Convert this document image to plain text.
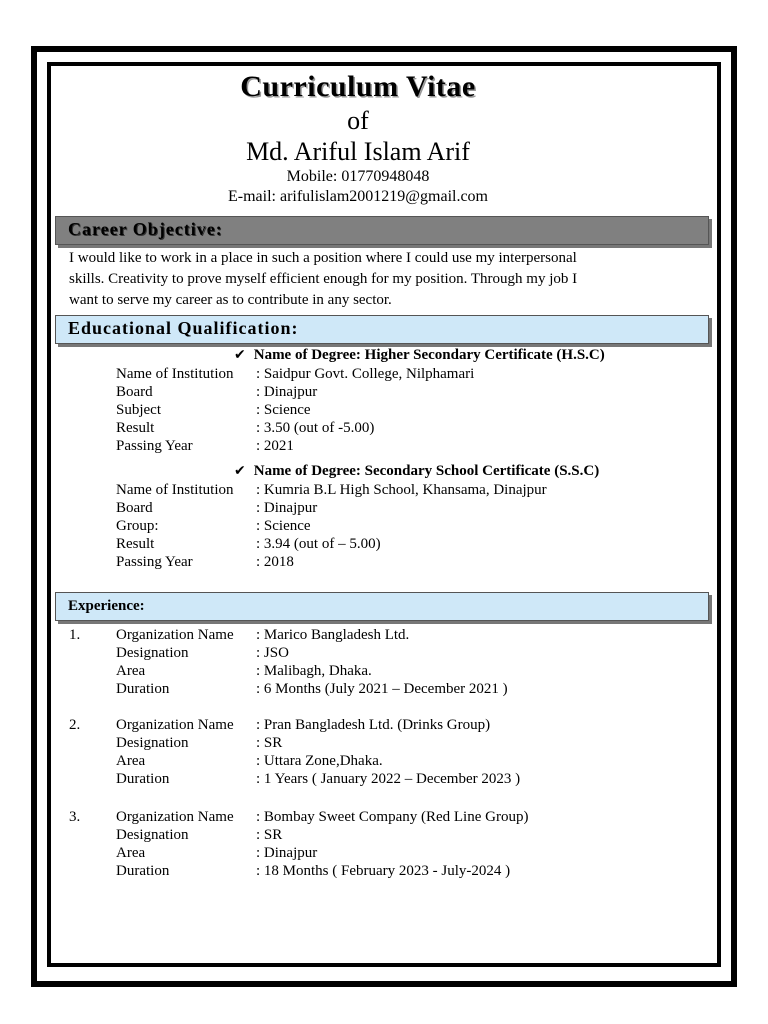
Curriculum Vitae
of
Md. Ariful Islam Arif
Mobile: 01770948048
E-mail: arifulislam2001219@gmail.com
Career Objective:
I would like to work in a place in such a position where I could use my interpersonal
skills. Creativity to prove myself efficient enough for my position. Through my job I
want to serve my career as to contribute in any sector.
Educational Qualification:
✔ Name of Degree: Higher Secondary Certificate (H.S.C)
Name of Institution : Saidpur Govt. College, Nilphamari
Board	: Dinajpur
Subject	: Science
Result	: 3.50 (out of -5.00)
Passing Year	: 2021
✔ Name of Degree: Secondary School Certificate (S.S.C)
Name of Institution : Kumria B.L High School, Khansama, Dinajpur
Board	: Dinajpur
Group:	: Science
Result	: 3.94 (out of – 5.00)
Passing Year	: 2018
Experience:
1. Organization Name : Marico Bangladesh Ltd.
Designation	: JSO
Area	: Malibagh, Dhaka.
Duration	: 6 Months (July 2021 – December 2021 )
2. Organization Name : Pran Bangladesh Ltd. (Drinks Group)
Designation	: SR
Area	: Uttara Zone,Dhaka.
Duration	: 1 Years ( January 2022 – December 2023 )
3. Organization Name : Bombay Sweet Company (Red Line Group)
Designation	: SR
Area	: Dinajpur
Duration	: 18 Months ( February 2023 - July-2024 )
